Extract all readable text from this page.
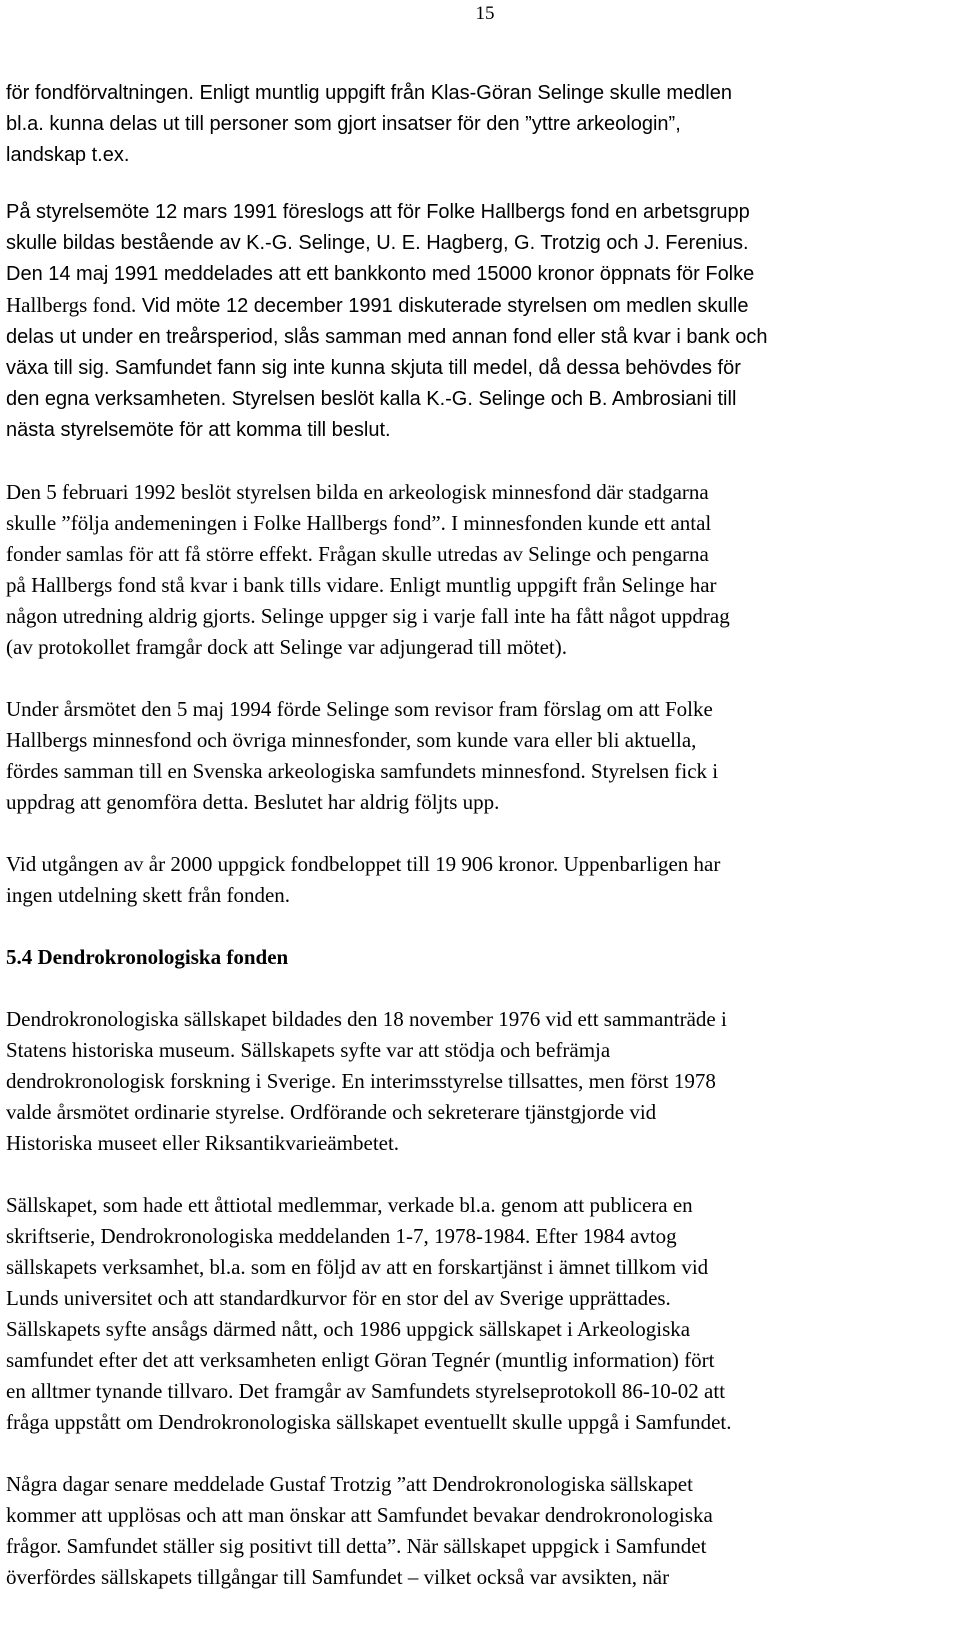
15

för fondförvaltningen. Enligt muntlig uppgift från Klas-Göran Selinge skulle medlen

bl.a. kunna delas ut till personer som gjort insatser för den ”yttre arkeologin”,

landskap t.ex.

På styrelsemöte 12 mars 1991 föreslogs att för Folke Hallbergs fond en arbetsgrupp

skulle bildas bestående av K.-G. Selinge, U. E. Hagberg, G. Trotzig och J. Ferenius.

Den 14 maj 1991 meddelades att ett bankkonto med 15000 kronor öppnats för Folke

Hallbergs fond. Vid möte 12 december 1991 diskuterade styrelsen om medlen skulle

delas ut under en treårsperiod, slås samman med annan fond eller stå kvar i bank och

växa till sig. Samfundet fann sig inte kunna skjuta till medel, då dessa behövdes för

den egna verksamheten. Styrelsen beslöt kalla K.-G. Selinge och B. Ambrosiani till

nästa styrelsemöte för att komma till beslut.

Den 5 februari 1992 beslöt styrelsen bilda en arkeologisk minnesfond där stadgarna

skulle ”följa andemeningen i Folke Hallbergs fond”. I minnesfonden kunde ett antal

fonder samlas för att få större effekt. Frågan skulle utredas av Selinge och pengarna

på Hallbergs fond stå kvar i bank tills vidare. Enligt muntlig uppgift från Selinge har

någon utredning aldrig gjorts. Selinge uppger sig i varje fall inte ha fått något uppdrag

(av protokollet framgår dock att Selinge var adjungerad till mötet).

Under årsmötet den 5 maj 1994 förde Selinge som revisor fram förslag om att Folke

Hallbergs minnesfond och övriga minnesfonder, som kunde vara eller bli aktuella,

fördes samman till en Svenska arkeologiska samfundets minnesfond. Styrelsen fick i

uppdrag att genomföra detta. Beslutet har aldrig följts upp.

Vid utgången av år 2000 uppgick fondbeloppet till 19 906 kronor. Uppenbarligen har

ingen utdelning skett från fonden.

5.4 Dendrokronologiska fonden

Dendrokronologiska sällskapet bildades den 18 november 1976 vid ett sammanträde i

Statens historiska museum. Sällskapets syfte var att stödja och befrämja

dendrokronologisk forskning i Sverige. En interimsstyrelse tillsattes, men först 1978

valde årsmötet ordinarie styrelse. Ordförande och sekreterare tjänstgjorde vid

Historiska museet eller Riksantikvarieämbetet.

Sällskapet, som hade ett åttiotal medlemmar, verkade bl.a. genom att publicera en

skriftserie, Dendrokronologiska meddelanden 1-7, 1978-1984. Efter 1984 avtog

sällskapets verksamhet, bl.a. som en följd av att en forskartjänst i ämnet tillkom vid

Lunds universitet och att standardkurvor för en stor del av Sverige upprättades.

Sällskapets syfte ansågs därmed nått, och 1986 uppgick sällskapet i Arkeologiska

samfundet efter det att verksamheten enligt Göran Tegnér (muntlig information) fört

en alltmer tynande tillvaro. Det framgår av Samfundets styrelseprotokoll 86-10-02 att

fråga uppstått om Dendrokronologiska sällskapet eventuellt skulle uppgå i Samfundet.

Några dagar senare meddelade Gustaf Trotzig ”att Dendrokronologiska sällskapet

kommer att upplösas och att man önskar att Samfundet bevakar dendrokronologiska

frågor. Samfundet ställer sig positivt till detta”. När sällskapet uppgick i Samfundet

överfördes sällskapets tillgångar till Samfundet – vilket också var avsikten, när
